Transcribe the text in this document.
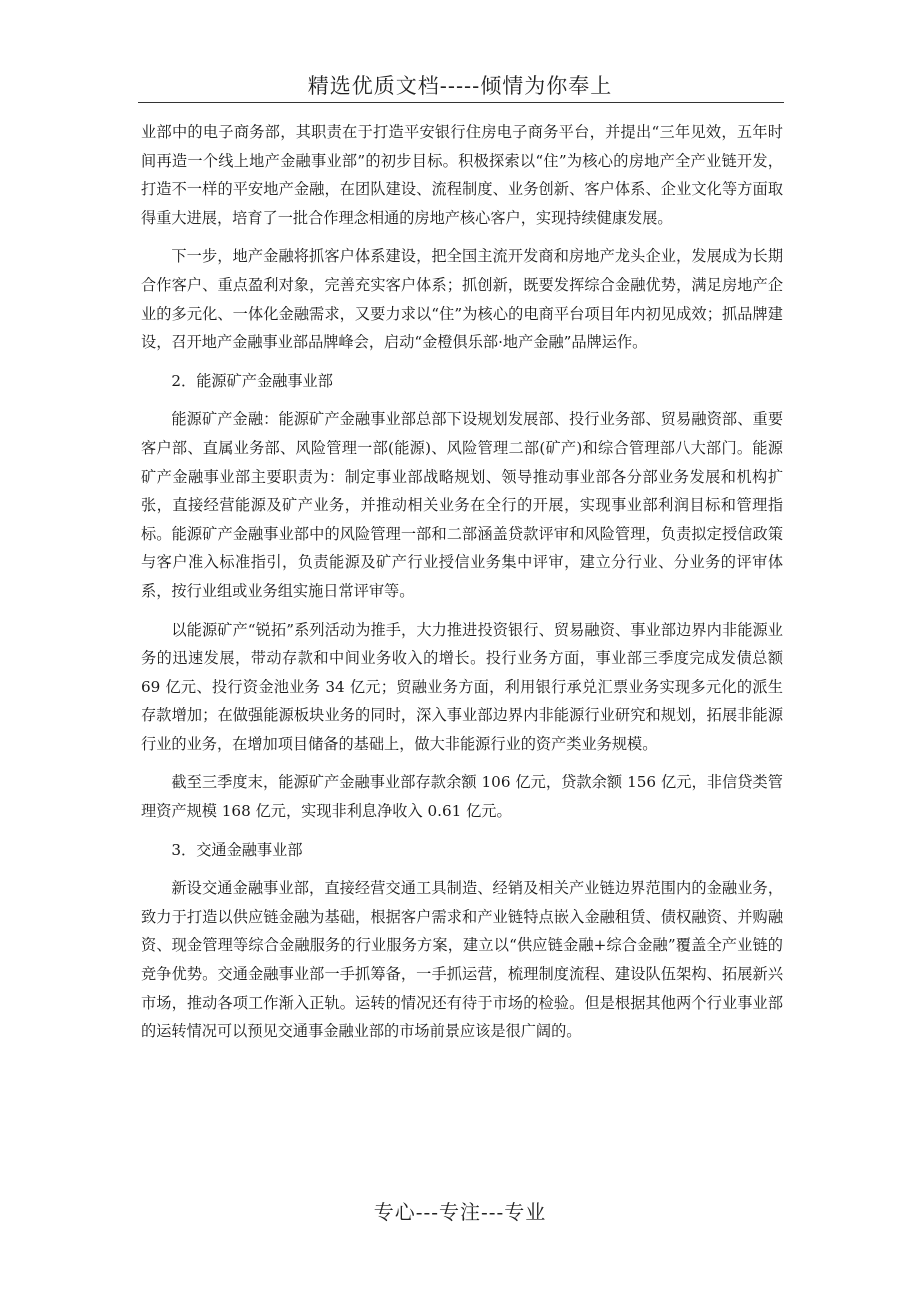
精选优质文档-----倾情为你奉上

业部中的电子商务部，其职责在于打造平安银行住房电子商务平台，并提出“三年见效，五年时间再造一个线上地产金融事业部”的初步目标。积极探索以“住”为核心的房地产全产业链开发，打造不一样的平安地产金融，在团队建设、流程制度、业务创新、客户体系、企业文化等方面取得重大进展，培育了一批合作理念相通的房地产核心客户，实现持续健康发展。

下一步，地产金融将抓客户体系建设，把全国主流开发商和房地产龙头企业，发展成为长期合作客户、重点盈利对象，完善充实客户体系；抓创新，既要发挥综合金融优势，满足房地产企业的多元化、一体化金融需求，又要力求以“住”为核心的电商平台项目年内初见成效；抓品牌建设，召开地产金融事业部品牌峰会，启动“金橙俱乐部·地产金融”品牌运作。

2．能源矿产金融事业部

能源矿产金融：能源矿产金融事业部总部下设规划发展部、投行业务部、贸易融资部、重要客户部、直属业务部、风险管理一部(能源)、风险管理二部(矿产)和综合管理部八大部门。能源矿产金融事业部主要职责为：制定事业部战略规划、领导推动事业部各分部业务发展和机构扩张，直接经营能源及矿产业务，并推动相关业务在全行的开展，实现事业部利润目标和管理指标。能源矿产金融事业部中的风险管理一部和二部涵盖贷款评审和风险管理，负责拟定授信政策与客户准入标准指引，负责能源及矿产行业授信业务集中评审，建立分行业、分业务的评审体系，按行业组或业务组实施日常评审等。

以能源矿产“锐拓”系列活动为推手，大力推进投资银行、贸易融资、事业部边界内非能源业务的迅速发展，带动存款和中间业务收入的增长。投行业务方面，事业部三季度完成发债总额 69 亿元、投行资金池业务 34 亿元；贸融业务方面，利用银行承兑汇票业务实现多元化的派生存款增加；在做强能源板块业务的同时，深入事业部边界内非能源行业研究和规划，拓展非能源行业的业务，在增加项目储备的基础上，做大非能源行业的资产类业务规模。

截至三季度末，能源矿产金融事业部存款余额 106 亿元，贷款余额 156 亿元，非信贷类管理资产规模 168 亿元，实现非利息净收入 0.61 亿元。

3．交通金融事业部

新设交通金融事业部，直接经营交通工具制造、经销及相关产业链边界范围内的金融业务，致力于打造以供应链金融为基础，根据客户需求和产业链特点嵌入金融租赁、债权融资、并购融资、现金管理等综合金融服务的行业服务方案，建立以“供应链金融+综合金融”覆盖全产业链的竞争优势。交通金融事业部一手抓筹备，一手抓运营，梳理制度流程、建设队伍架构、拓展新兴市场，推动各项工作渐入正轨。运转的情况还有待于市场的检验。但是根据其他两个行业事业部的运转情况可以预见交通事金融业部的市场前景应该是很广阔的。

专心---专注---专业
